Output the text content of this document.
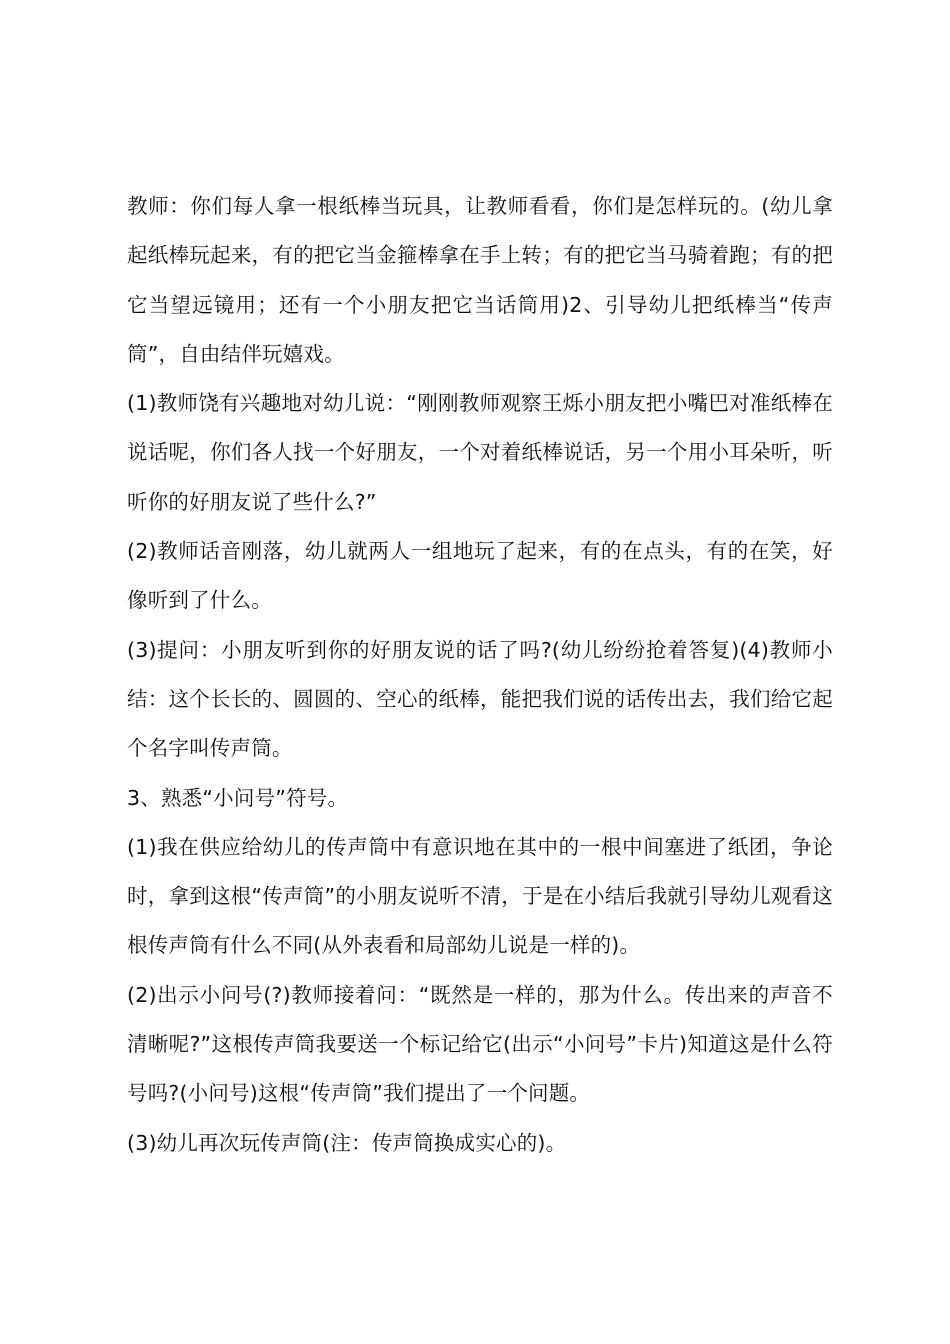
教师：你们每人拿一根纸棒当玩具，让教师看看，你们是怎样玩的。(幼儿拿起纸棒玩起来，有的把它当金箍棒拿在手上转；有的把它当马骑着跑；有的把它当望远镜用；还有一个小朋友把它当话筒用)2、引导幼儿把纸棒当“传声筒”，自由结伴玩嬉戏。

(1)教师饶有兴趣地对幼儿说：“刚刚教师观察王烁小朋友把小嘴巴对准纸棒在说话呢，你们各人找一个好朋友，一个对着纸棒说话，另一个用小耳朵听，听听你的好朋友说了些什么?”

(2)教师话音刚落，幼儿就两人一组地玩了起来，有的在点头，有的在笑，好像听到了什么。

(3)提问：小朋友听到你的好朋友说的话了吗?(幼儿纷纷抢着答复)(4)教师小结：这个长长的、圆圆的、空心的纸棒，能把我们说的话传出去，我们给它起个名字叫传声筒。

3、熟悉“小问号”符号。

(1)我在供应给幼儿的传声筒中有意识地在其中的一根中间塞进了纸团，争论时，拿到这根“传声筒”的小朋友说听不清，于是在小结后我就引导幼儿观看这根传声筒有什么不同(从外表看和局部幼儿说是一样的)。

(2)出示小问号(?)教师接着问：“既然是一样的，那为什么。传出来的声音不清晰呢?”这根传声筒我要送一个标记给它(出示“小问号”卡片)知道这是什么符号吗?(小问号)这根“传声筒”我们提出了一个问题。

(3)幼儿再次玩传声筒(注：传声筒换成实心的)。
